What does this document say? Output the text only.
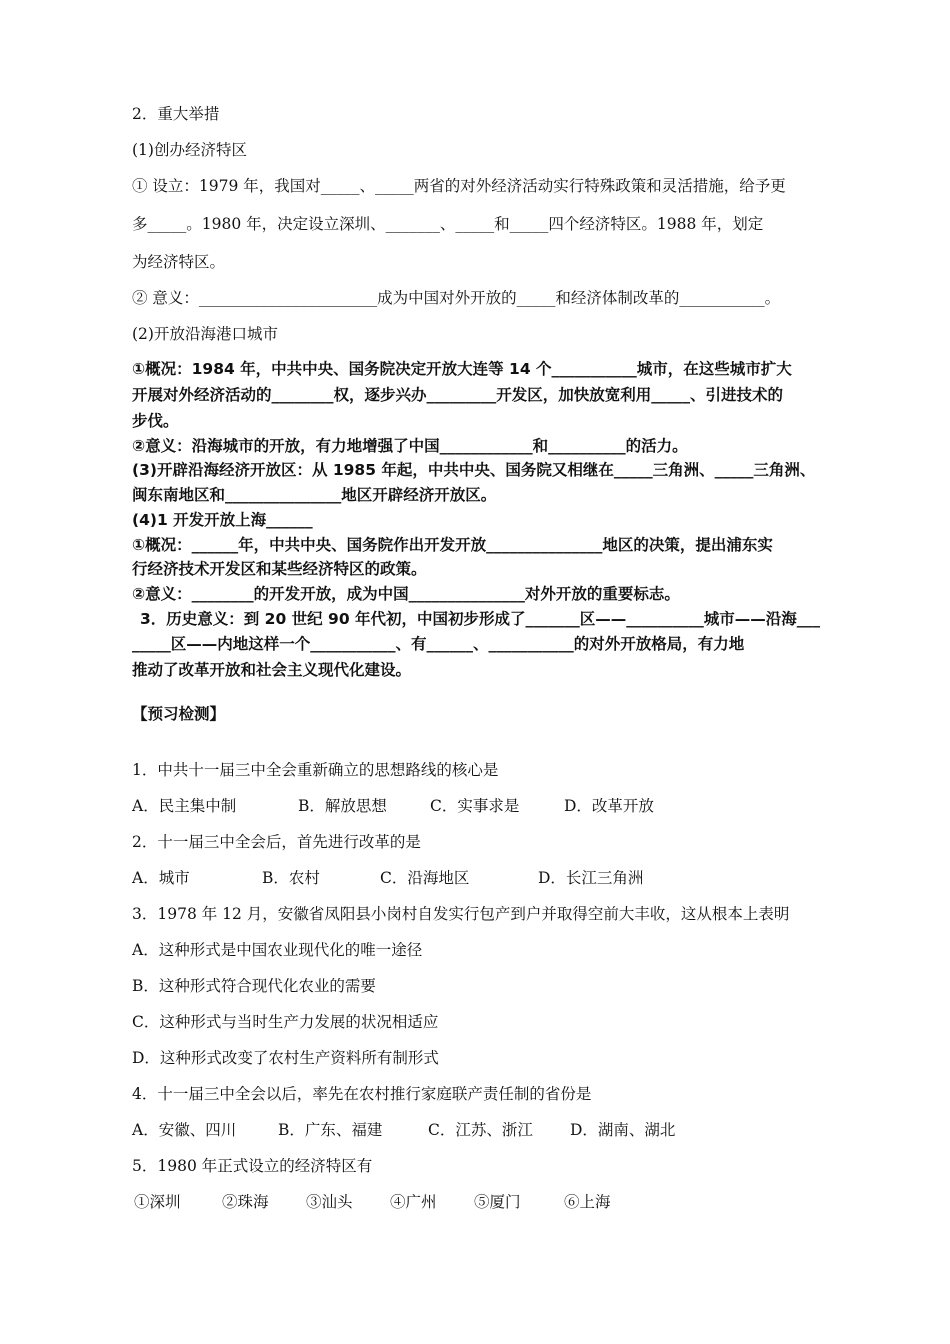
2．重大举措
(1)创办经济特区
① 设立：1979 年，我国对_____、_____两省的对外经济活动实行特殊政策和灵活措施，给予更
多_____。1980 年，决定设立深圳、_______、_____和_____四个经济特区。1988 年，划定
为经济特区。
② 意义：_______________________成为中国对外开放的_____和经济体制改革的___________。
(2)开放沿海港口城市
①概况：1984 年，中共中央、国务院决定开放大连等 14 个___________城市，在这些城市扩大
开展对外经济活动的________权，逐步兴办_________开发区，加快放宽利用_____、引进技术的
步伐。
②意义：沿海城市的开放，有力地增强了中国____________和__________的活力。
(3)开辟沿海经济开放区：从 1985 年起，中共中央、国务院又相继在_____三角洲、_____三角洲、
闽东南地区和_______________地区开辟经济开放区。
(4)1 开发开放上海______
①概况：______年，中共中央、国务院作出开发开放_______________地区的决策，提出浦东实
行经济技术开发区和某些经济特区的政策。
②意义：________的开发开放，成为中国_______________对外开放的重要标志。
3．历史意义：到 20 世纪 90 年代初，中国初步形成了_______区——__________城市——沿海___
_____区——内地这样一个___________、有______、___________的对外开放格局，有力地
推动了改革开放和社会主义现代化建设。
【预习检测】
1．中共十一届三中全会重新确立的思想路线的核心是
A．民主集中制	B．解放思想	C．实事求是	D．改革开放
2．十一届三中全会后，首先进行改革的是
A．城市	B．农村	C．沿海地区	D．长江三角洲
3．1978 年 12 月，安徽省凤阳县小岗村自发实行包产到户并取得空前大丰收，这从根本上表明
A．这种形式是中国农业现代化的唯一途径
B．这种形式符合现代化农业的需要
C．这种形式与当时生产力发展的状况相适应
D．这种形式改变了农村生产资料所有制形式
4．十一届三中全会以后，率先在农村推行家庭联产责任制的省份是
A．安徽、四川	B．广东、福建	C．江苏、浙江 D．湖南、湖北
5．1980 年正式设立的经济特区有
①深圳	②珠海 ③汕头 ④广州 ⑤厦门	⑥上海
